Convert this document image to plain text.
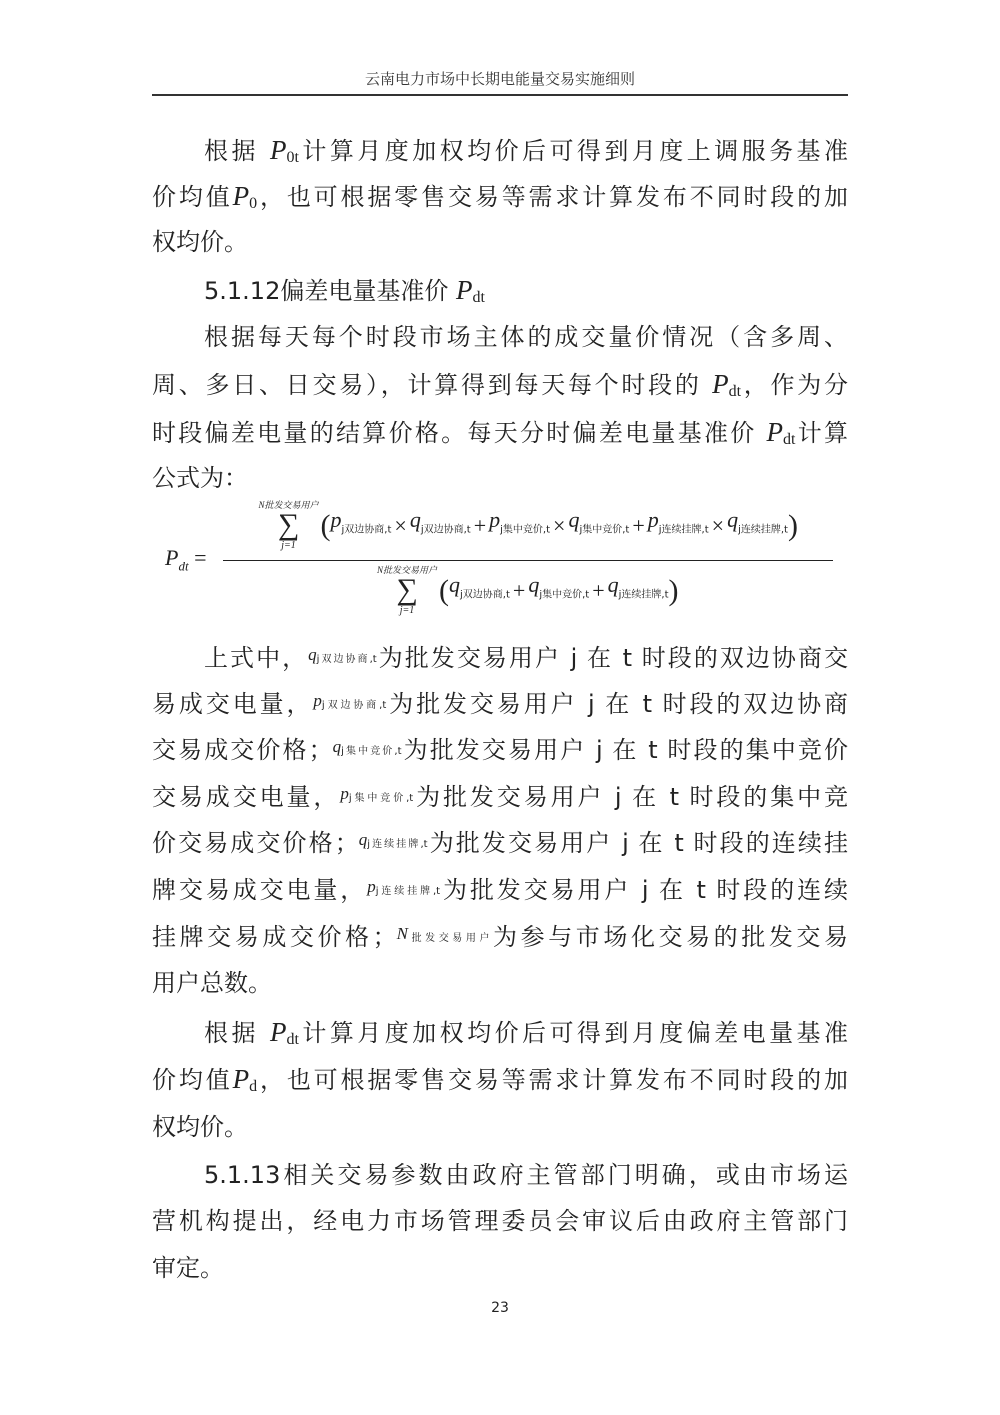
云南电力市场中长期电能量交易实施细则
根据 $P_{0t}$计算月度加权均价后可得到月度上调服务基准
价均值$P_0$，也可根据零售交易等需求计算发布不同时段的加
权均价。
5.1.12偏差电量基准价 $P_{dt}$
根据每天每个时段市场主体的成交量价情况（含多周、
周、多日、日交易），计算得到每天每个时段的 $P_{dt}$，作为分
时段偏差电量的结算价格。每天分时偏差电量基准价 $P_{dt}$计算
公式为：
上式中，$^{q_{j双边协商,t}}$为批发交易用户 j 在 t 时段的双边协商交
易成交电量，$^{p_{j双边协商,t}}$为批发交易用户 j 在 t 时段的双边协商
交易成交价格；$^{q_{j集中竞价,t}}$为批发交易用户 j 在 t 时段的集中竞价
交易成交电量，$^{p_{j集中竞价,t}}$为批发交易用户 j 在 t 时段的集中竞
价交易成交价格；$^{q_{j连续挂牌,t}}$为批发交易用户 j 在 t 时段的连续挂
牌交易成交电量，$^{p_{j连续挂牌,t}}$为批发交易用户 j 在 t 时段的连续
挂牌交易成交价格；$^{N_{批发交易用户}}$为参与市场化交易的批发交易
用户总数。
根据 $P_{dt}$计算月度加权均价后可得到月度偏差电量基准
价均值$P_d$，也可根据零售交易等需求计算发布不同时段的加
权均价。
5.1.13相关交易参数由政府主管部门明确，或由市场运
营机构提出，经电力市场管理委员会审议后由政府主管部门
审定。
$P_{dt}$ =
N批发交易用户
∑
j=1
( $p_{j双边协商,t} \times q_{j双边协商,t} + p_{j集中竞价,t} \times q_{j集中竞价,t} + p_{j连续挂牌,t} \times q_{j连续挂牌,t}$ )
N批发交易用户
∑
j=1
( $q_{j双边协商,t} + q_{j集中竞价,t} + q_{j连续挂牌,t}$ )
23
